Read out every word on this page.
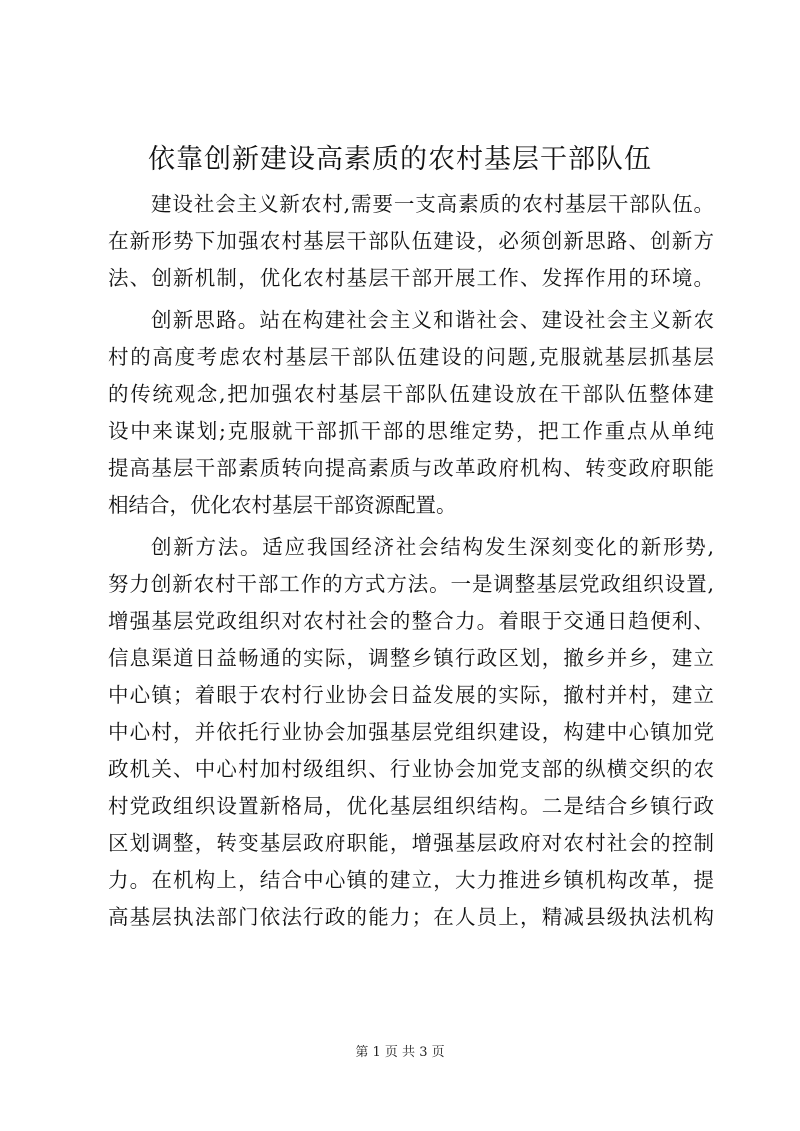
依靠创新建设高素质的农村基层干部队伍
建设社会主义新农村,需要一支高素质的农村基层干部队伍。
在新形势下加强农村基层干部队伍建设，必须创新思路、创新方
法、创新机制，优化农村基层干部开展工作、发挥作用的环境。
创新思路。站在构建社会主义和谐社会、建设社会主义新农
村的高度考虑农村基层干部队伍建设的问题,克服就基层抓基层
的传统观念,把加强农村基层干部队伍建设放在干部队伍整体建
设中来谋划;克服就干部抓干部的思维定势，把工作重点从单纯
提高基层干部素质转向提高素质与改革政府机构、转变政府职能
相结合，优化农村基层干部资源配置。
创新方法。适应我国经济社会结构发生深刻变化的新形势,
努力创新农村干部工作的方式方法。一是调整基层党政组织设置,
增强基层党政组织对农村社会的整合力。着眼于交通日趋便利、
信息渠道日益畅通的实际，调整乡镇行政区划，撤乡并乡，建立
中心镇；着眼于农村行业协会日益发展的实际，撤村并村，建立
中心村，并依托行业协会加强基层党组织建设，构建中心镇加党
政机关、中心村加村级组织、行业协会加党支部的纵横交织的农
村党政组织设置新格局，优化基层组织结构。二是结合乡镇行政
区划调整，转变基层政府职能，增强基层政府对农村社会的控制
力。在机构上，结合中心镇的建立，大力推进乡镇机构改革，提
高基层执法部门依法行政的能力；在人员上，精减县级执法机构
第 1 页 共 3 页
